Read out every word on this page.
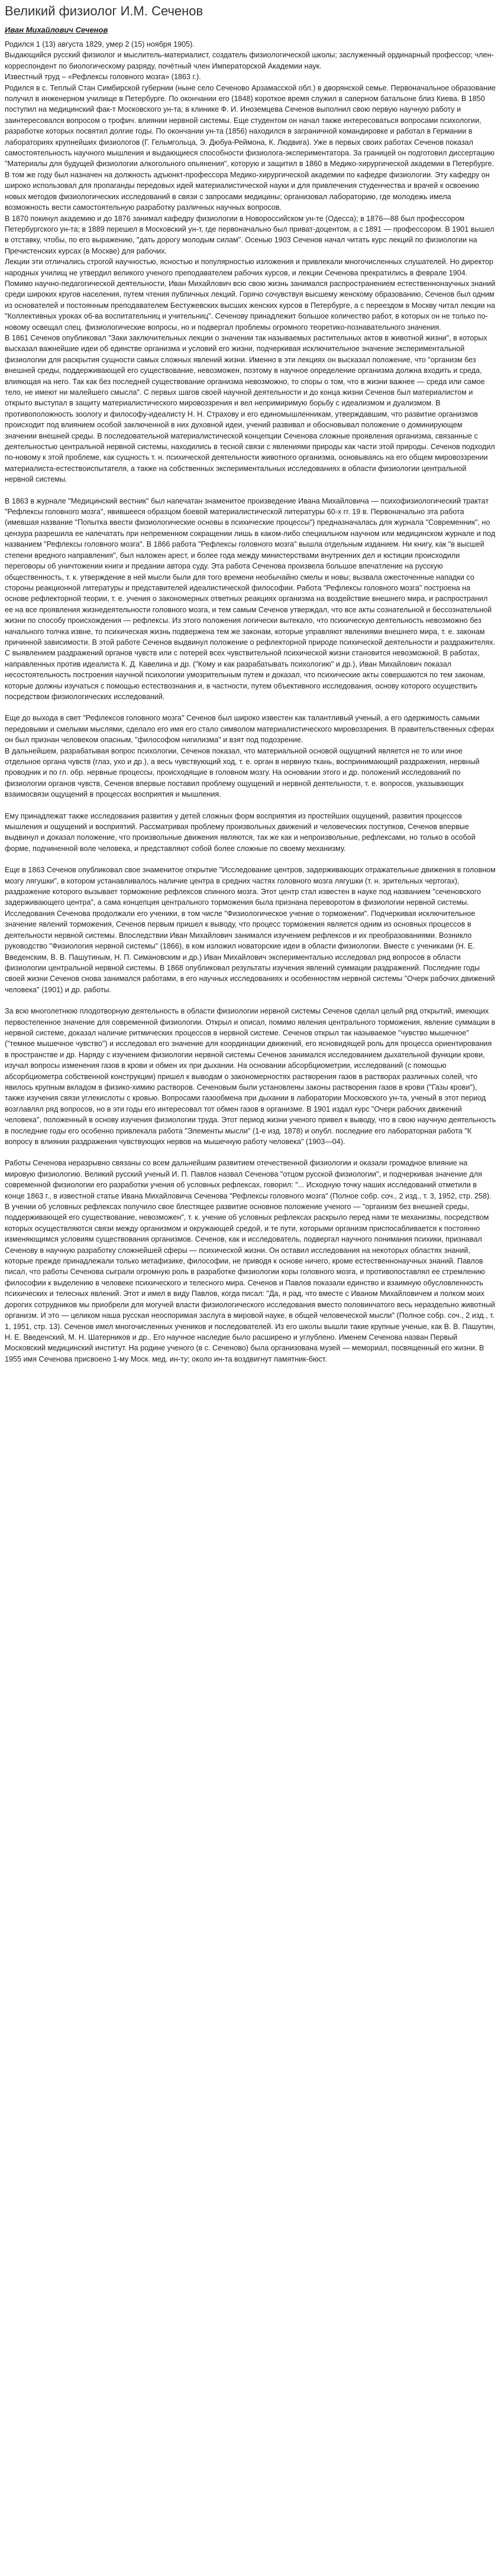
Великий физиолог И.М. Сеченов
Иван Михайлович Сеченов

Родился 1 (13) августа 1829, умер 2 (15) ноября 1905).

Выдающийся русский физиолог и мыслитель-материалист, создатель физиологической школы; заслуженный ординарный профессор; член-корреспондент по биологическому разряду, почётный член Императорской Академии наук.

Известный труд – «Рефлексы головного мозга» (1863 г.).

Родился в с. Теплый Стан Симбирской губернии (ныне село Сеченово Арзамасской обл.) в дворянской семье. Первоначальное образование получил в инженерном училище в Петербурге. По окончании его (1848) короткое время служил в саперном батальоне близ Киева. В 1850 поступил на медицинский фак-т Московского ун-та; в клинике Ф. И. Иноземцева Сеченов выполнил свою первую научную работу и заинтересовался вопросом о трофич. влиянии нервной системы. Еще студентом он начал также интересоваться вопросами психологии, разработке которых посвятил долгие годы. По окончании ун-та (1856) находился в заграничной командировке и работал в Германии в лабораториях крупнейших физиологов (Г. Гельмгольца, Э. Дюбуа-Реймона, К. Людвига). Уже в первых своих работах Сеченов показал самостоятельность научного мышления и выдающиеся способности физиолога-экспериментатора. За границей он подготовил диссертацию "Материалы для будущей физиологии алкогольного опьянения", которую и защитил в 1860 в Медико-хирургической академии в Петербурге. В том же году был назначен на должность адъюнкт-профессора Медико-хирургической академии по кафедре физиологии. Эту кафедру он широко использовал для пропаганды передовых идей материалистической науки и для привлечения студенчества и врачей к освоению новых методов физиологических исследований в связи с запросами медицины; организовал лабораторию, где молодежь имела возможность вести самостоятельную разработку различных научных вопросов.

В 1870 покинул академию и до 1876 занимал кафедру физиологии в Новороссийском ун-те (Одесса); в 1876—88 был профессором Петербургского ун-та; в 1889 перешел в Московский ун-т, где первоначально был приват-доцентом, а с 1891 — профессором. В 1901 вышел в отставку, чтобы, по его выражению, "дать дорогу молодым силам". Осенью 1903 Сеченов начал читать курс лекций по физиологии на Пречистенских курсах (в Москве) для рабочих.

Лекции эти отличались строгой научностью, ясностью и популярностью изложения и привлекали многочисленных слушателей. Но директор народных училищ не утвердил великого ученого преподавателем рабочих курсов, и лекции Сеченова прекратились в феврале 1904. Помимо научно-педагогической деятельности, Иван Михайлович всю свою жизнь занимался распространением естественнонаучных знаний среди широких кругов населения, путем чтения публичных лекций. Горячо сочувствуя высшему женскому образованию, Сеченов был одним из основателей и постоянным преподавателем Бестужевских высших женских курсов в Петербурге, а с переездом в Москву читал лекции на "Коллективных уроках об-ва воспитательниц и учительниц". Сеченову принадлежит большое количество работ, в которых он не только по-новому освещал спец. физиологические вопросы, но и подвергал проблемы огромного теоретико-познавательного значения.

В 1861 Сеченов опубликовал "Заки заключительных лекции о значении так называемых растительных актов в животной жизни", в которых высказал важнейшие идеи об единстве организма и условий его жизни, подчеркивая исключительное значение экспериментальной физиологии для раскрытия сущности самых сложных явлений жизни. Именно в эти лекциях он высказал положение, что "организм без внешней среды, поддерживающей его существование, невозможен, поэтому в научное определение организма должна входить и среда, влияющая на него. Так как без последней существование организма невозможно, то споры о том, что в жизни важнее — среда или самое тело, не имеют ни малейшего смысла". С первых шагов своей научной деятельности и до конца жизни Сеченов был материалистом и открыто выступал в защиту материалистического мировоззрения и вел непримиримую борьбу с идеализмом и дуализмом. В противоположность зоологу и философу-идеалисту Н. Н. Страхову и его единомышленникам, утверждавшим, что развитие организмов происходит под влиянием особой заключенной в них духовной идеи, учений развивал и обосновывал положение о доминирующем значении внешней среды. В последовательной материалистической концепции Сеченова сложные проявления организма, связанные с деятельностью центральной нервной системы, находились в тесной связи с явлениями природы как части этой природы. Сеченов подходил по-новому к этой проблеме, как сущность т. н. психической деятельности животного организма, основываясь на его общем мировоззрении материалиста-естествоиспытателя, а также на собственных экспериментальных исследованиях в области физиологии центральной нервной системы.

В 1863 в журнале "Медицинский вестник" был напечатан знаменитое произведение Ивана Михайловича — психофизиологический трактат "Рефлексы головного мозга", явившееся образцом боевой материалистической литературы 60-х гг. 19 в. Первоначально эта работа (имевшая название "Попытка ввести физиологические основы в психические процессы") предназначалась для журнала "Современник", но цензура разрешила ее напечатать при непременном сокращении лишь в каком-либо специальном научном или медицинском журнале и под названием "Рефлексы головного мозга". В 1866 работа "Рефлексы головного мозга" вышла отдельным изданием. Ни книгу, как "в высшей степени вредного направления", был наложен арест, и более года между министерствами внутренних дел и юстиции происходили переговоры об уничтожении книги и предании автора суду. Эта работа Сеченова произвела большое впечатление на русскую общественность, т. к. утверждение в ней мысли были для того времени необычайно смелы и новы; вызвала ожесточенные нападки со стороны реакционной литературы и представителей идеалистической философии. Работа "Рефлексы головного мозга" построена на основе рефлекторной теории, т. е. учения о закономерных ответных реакциях организма на воздействие внешнего мира, и распространил ее на все проявления жизнедеятельности головного мозга, и тем самым Сеченов утверждал, что все акты сознательной и бессознательной жизни по способу происхождения — рефлексы. Из этого положения логически вытекало, что психическую деятельность невозможно без начального толчка извне, то психическая жизнь подвержена тем же законам, которые управляют явлениями внешнего мира, т. е. законам причинной зависимости. В этой работе Сеченов выдвинул положение о рефлекторной природе психической деятельности и раздражителях. С выявлением раздражений органов чувств или с потерей всех чувствительной психической жизни становится невозможной. В работах, направленных против идеалиста К. Д. Кавелина и др. ("Кому и как разрабатывать психологию" и др.), Иван Михайлович показал несостоятельность построения научной психологии умозрительным путем и доказал, что психические акты совершаются по тем законам, которые должны изучаться с помощью естествознания и, в частности, путем объективного исследования, основу которого осуществить посредством физиологических исследований.

Еще до выхода в свет "Рефлексов головного мозга" Сеченов был широко известен как талантливый ученый, а его одержимость самыми передовыми и смелыми мыслями, сделало его имя его стало символом материалистического мировоззрения. В правительственных сферах он был признан человеком опасным, "философом нигилизма" и взят под подозрение.

В дальнейшем, разрабатывая вопрос психологии, Сеченов показал, что материальной основой ощущений является не то или иное отдельное органа чувств (глаз, ухо и др.), а весь чувствующий ход, т. е. орган в нервную ткань, воспринимающий раздражения, нервный проводник и по гл. обр. нервные процессы, происходящие в головном мозгу. На основании этого и др. положений исследований по физиологии органов чувств, Сеченов впервые поставил проблему ощущений и нервной деятельности, т. е. вопросов, указывающих взаимосвязи ощущений в процессах восприятия и мышления.

Ему принадлежат также исследования развития у детей сложных форм восприятия из простейших ощущений, развития процессов мышления и ощущений и восприятий. Рассматривая проблему произвольных движений и человеческих поступков, Сеченов впервые выдвинул и доказал положение, что произвольные движения являются, так же как и непроизвольные, рефлексами, но только в особой форме, подчиненной воле человека, и представляют собой более сложные по своему механизму.

Еще в 1863 Сеченов опубликовал свое знаменитое открытие "Исследование центров, задерживающих отражательные движения в головном мозгу лягушки", в котором устанавливалось наличие центра в средних частях головного мозга лягушки (т. н. зрительных чертогах), раздражение которого вызывает торможение рефлексов спинного мозга. Этот центр стал известен в науке под названием "сеченовского задерживающего центра", а сама концепция центрального торможения была признана переворотом в физиологии нервной системы. Исследования Сеченова продолжали его ученики, в том числе "Физиологическое учение о торможении". Подчеркивая исключительное значение явлений торможения, Сеченов первым пришел к выводу, что процесс торможения является одним из основных процессов в деятельности нервной системы. Впоследствии Иван Михайлович занимался изучением рефлексов и их преобразованиями. Возникло руководство "Физиология нервной системы" (1866), в ком изложил новаторские идеи в области физиологии. Вместе с учениками (Н. Е. Введенским, В. В. Пашутиным, Н. П. Симановским и др.) Иван Михайлович экспериментально исследовал ряд вопросов в области физиологии центральной нервной системы. В 1868 опубликовал результаты изучения явлений суммации раздражений. Последние годы своей жизни Сеченов снова занимался работами, в его научных исследованиях и особенностям нервной системы "Очерк рабочих движений человека" (1901) и др. работы.

За всю многолетнюю плодотворную деятельность в области физиологии нервной системы Сеченов сделал целый ряд открытий, имеющих первостепенное значение для современной физиологии. Открыл и описал, помимо явления центрального торможения, явление суммации в нервной системе, доказал наличие ритмических процессов в нервной системе. Сеченов открыл так называемое "чувство мышечное" ("темное мышечное чувство") и исследовал его значение для координации движений, его ясновидящей роль для процесса ориентирования в пространстве и др. Наряду с изучением физиологии нервной системы Сеченов занимался исследованием дыхательной функции крови, изучал вопросы изменения газов в крови и обмен их при дыхании. На основании абсорбциометрии, исследований (с помощью абсорбциометра собственной конструкции) пришел к выводам о закономерностях растворения газов в растворах различных солей, что явилось крупным вкладом в физико-химию растворов. Сеченовым были установлены законы растворения газов в крови ("Газы крови"), также изучения связи углекислоты с кровью. Вопросами газообмена при дыхании в лаборатории Московского ун-та, ученый в этот период возглавлял ряд вопросов, но в эти годы его интересовал тот обмен газов в организме. В 1901 издал курс "Очерк рабочих движений человека", положенный в основу изучения физиологии труда. Этот период жизни ученого привел к выводу, что в свою научную деятельность в последние годы его особенно привлекала работа "Элементы мысли" (1-е изд. 1878) и опубл. последние его лабораторная работа "К вопросу в влиянии раздражения чувствующих нервов на мышечную работу человека" (1903—04).

Работы Сеченова неразрывно связаны со всем дальнейшим развитием отечественной физиологии и оказали громадное влияние на мировую физиологию. Великий русский ученый И. П. Павлов назвал Сеченова "отцом русской физиологии", и подчеркивая значение для современной физиологии его разработки учения об условных рефлексах, говорил: "... Исходную точку наших исследований отметили в конце 1863 г., в известной статье Ивана Михайловича Сеченова "Рефлексы головного мозга" (Полное собр. соч., 2 изд., т. 3, 1952, стр. 258). В учении об условных рефлексах получило свое блестящее развитие основное положение ученого — "организм без внешней среды, поддерживающей его существование, невозможен", т. к. учение об условных рефлексах раскрыло перед нами те механизмы, посредством которых осуществляются связи между организмом и окружающей средой, и те пути, которыми организм приспосабливается к постоянно изменяющимся условиям существования организмов. Сеченов, как и исследователь, подвергал научного понимания психики, признавал Сеченову в научную разработку сложнейшей сферы — психической жизни. Он оставил исследования на некоторых областях знаний, которые прежде принадлежали только метафизике, философии, не приводя к основе ничего, кроме естественнонаучных знаний. Павлов писал, что работы Сеченова сыграли огромную роль в разработке физиологии коры головного мозга, и противопоставлял ее стремлению философии к выделению в человеке психического и телесного мира. Сеченов и Павлов показали единство и взаимную обусловленность психических и телесных явлений. Этот и имел в виду Павлов, когда писал: "Да, я рад, что вместе с Иваном Михайловичем и полком моих дорогих сотрудников мы приобрели для могучей власти физиологического исследования вместо половинчатого весь нераздельно животный организм. И это — целиком наша русская неоспоримая заслуга в мировой науке, в общей человеческой мысли" (Полное собр. соч., 2 изд., т. 1, 1951, стр. 13). Сеченов имел многочисленных учеников и последователей. Из его школы вышли такие крупные ученые, как В. В. Пашутин, Н. Е. Введенский, М. Н. Шатерников и др.. Его научное наследие было расширено и углублено. Именем Сеченова назван Первый Московский медицинский институт. На родине ученого (в с. Сеченово) была организована музей — мемориал, посвященный его жизни. В 1955 имя Сеченова присвоено 1-му Моск. мед. ин-ту; около ин-та воздвигнут памятник-бюст.
